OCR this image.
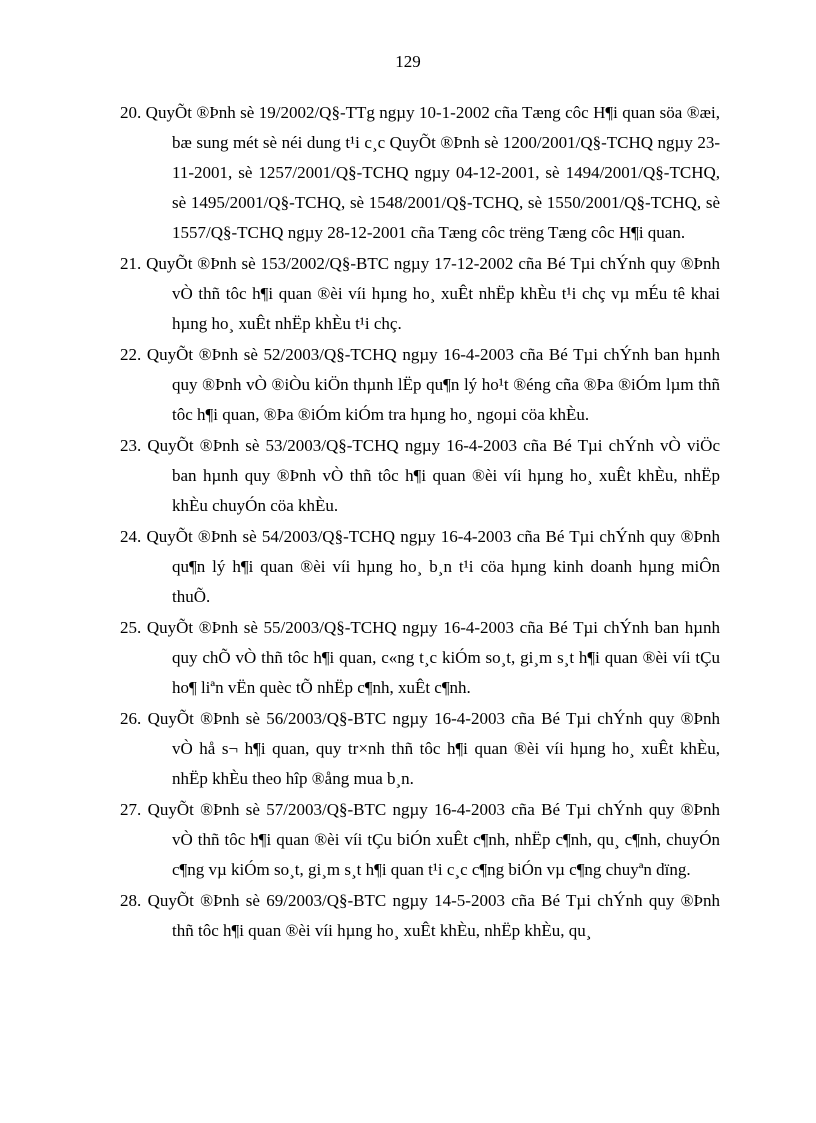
129
20. QuyÕt ®Þnh sè 19/2002/Q§-TTg ngµy 10-1-2002 cña Tæng côc H¶i quan söa ®æi, bæ sung mét sè néi dung t¹i c¸c QuyÕt ®Þnh sè 1200/2001/Q§-TCHQ ngµy 23-11-2001, sè 1257/2001/Q§-TCHQ ngµy 04-12-2001, sè 1494/2001/Q§-TCHQ, sè 1495/2001/Q§-TCHQ, sè 1548/2001/Q§-TCHQ, sè 1550/2001/Q§-TCHQ, sè 1557/Q§-TCHQ ngµy 28-12-2001 cña Tæng côc trëng Tæng côc H¶i quan.
21. QuyÕt ®Þnh sè 153/2002/Q§-BTC ngµy 17-12-2002 cña Bé Tµi chÝnh quy ®Þnh vÒ thñ tôc h¶i quan ®èi víi hµng ho¸ xuÊt nhËp khÈu t¹i chç vµ mÉu tê khai hµng ho¸ xuÊt nhËp khÈu t¹i chç.
22. QuyÕt ®Þnh sè 52/2003/Q§-TCHQ ngµy 16-4-2003 cña Bé Tµi chÝnh ban hµnh quy ®Þnh vÒ ®iÒu kiÖn thµnh lËp qu¶n lý ho¹t ®éng cña ®Þa ®iÓm lµm thñ tôc h¶i quan, ®Þa ®iÓm kiÓm tra hµng ho¸ ngoµi cöa khÈu.
23. QuyÕt ®Þnh sè 53/2003/Q§-TCHQ ngµy 16-4-2003 cña Bé Tµi chÝnh vÒ viÖc ban hµnh quy ®Þnh vÒ thñ tôc h¶i quan ®èi víi hµng ho¸ xuÊt khÈu, nhËp khÈu chuyÓn cöa khÈu.
24. QuyÕt ®Þnh sè 54/2003/Q§-TCHQ ngµy 16-4-2003 cña Bé Tµi chÝnh quy ®Þnh qu¶n lý h¶i quan ®èi víi hµng ho¸ b¸n t¹i cöa hµng kinh doanh hµng miÔn thuÕ.
25. QuyÕt ®Þnh sè 55/2003/Q§-TCHQ ngµy 16-4-2003 cña Bé Tµi chÝnh ban hµnh quy chÕ vÒ thñ tôc h¶i quan, c«ng t¸c kiÓm so¸t, gi¸m s¸t h¶i quan ®èi víi tÇu ho¶ liªn vËn quèc tÕ nhËp c¶nh, xuÊt c¶nh.
26. QuyÕt ®Þnh sè 56/2003/Q§-BTC ngµy 16-4-2003 cña Bé Tµi chÝnh quy ®Þnh vÒ hå s¬ h¶i quan, quy tr×nh thñ tôc h¶i quan ®èi víi hµng ho¸ xuÊt khÈu, nhËp khÈu theo hîp ®ång mua b¸n.
27. QuyÕt ®Þnh sè 57/2003/Q§-BTC ngµy 16-4-2003 cña Bé Tµi chÝnh quy ®Þnh vÒ thñ tôc h¶i quan ®èi víi tÇu biÓn xuÊt c¶nh, nhËp c¶nh, qu¸ c¶nh, chuyÓn c¶ng vµ kiÓm so¸t, gi¸m s¸t h¶i quan t¹i c¸c c¶ng biÓn vµ c¶ng chuyªn dïng.
28. QuyÕt ®Þnh sè 69/2003/Q§-BTC ngµy 14-5-2003 cña Bé Tµi chÝnh quy ®Þnh thñ tôc h¶i quan ®èi víi hµng ho¸ xuÊt khÈu, nhËp khÈu, qu¸
